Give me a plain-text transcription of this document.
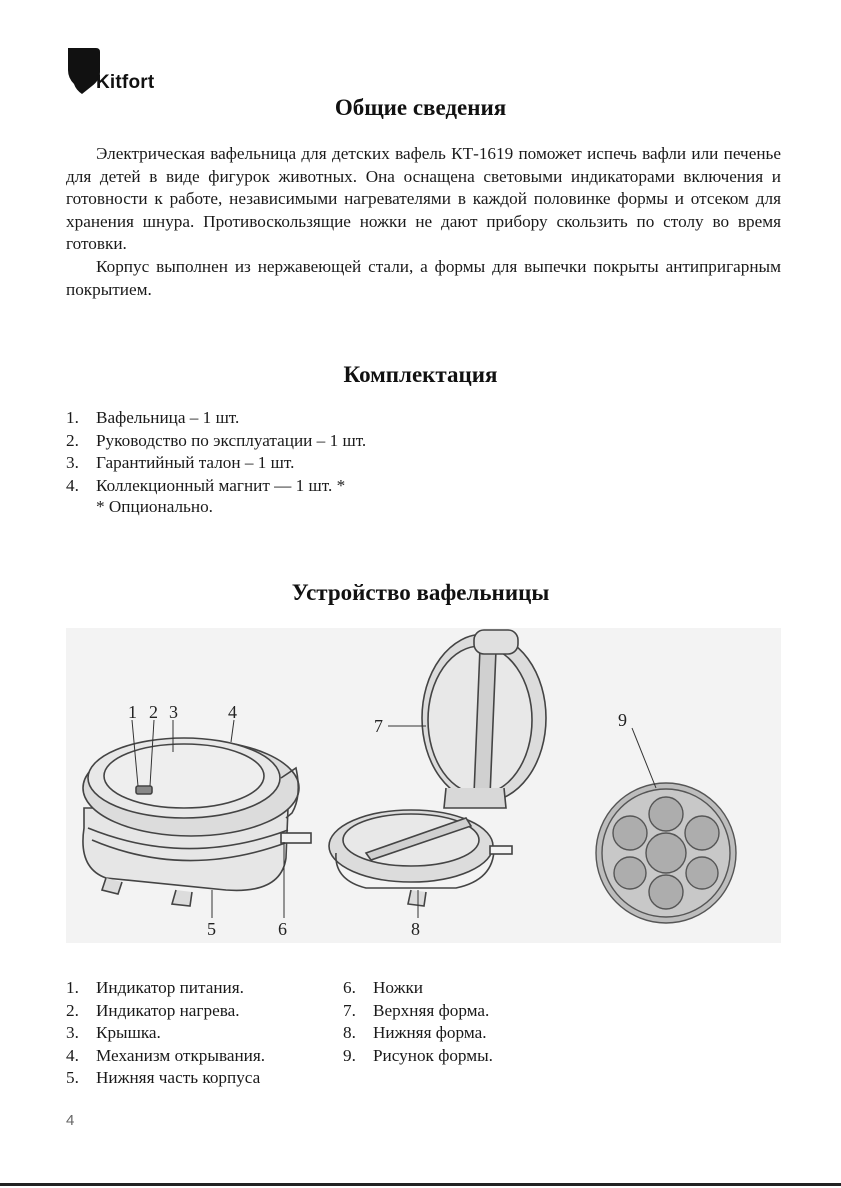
Kitfort
Общие сведения

Электрическая вафельница для детских вафель КТ-1619 поможет испечь вафли или печенье для детей в виде фигурок животных. Она оснащена световыми индикаторами включения и готовности к работе, независимыми нагревателями в каждой половинке формы и отсеком для хранения шнура. Противоскользящие ножки не дают прибору скользить по столу во время готовки.

Корпус выполнен из нержавеющей стали, а формы для выпечки покрыты антипригарным покрытием.

Комплектация
1. Вафельница – 1 шт.
2. Руководство по эксплуатации – 1 шт.
3. Гарантийный талон – 1 шт.
4. Коллекционный магнит — 1 шт. *
* Опционально.
Устройство вафельницы
1 2 3	4
5	6
7
8
9
1. Индикатор питания.
2. Индикатор нагрева.
3. Крышка.
4. Механизм открывания.
5. Нижняя часть корпуса
6. Ножки
7. Верхняя форма.
8. Нижняя форма.
9. Рисунок формы.
4
